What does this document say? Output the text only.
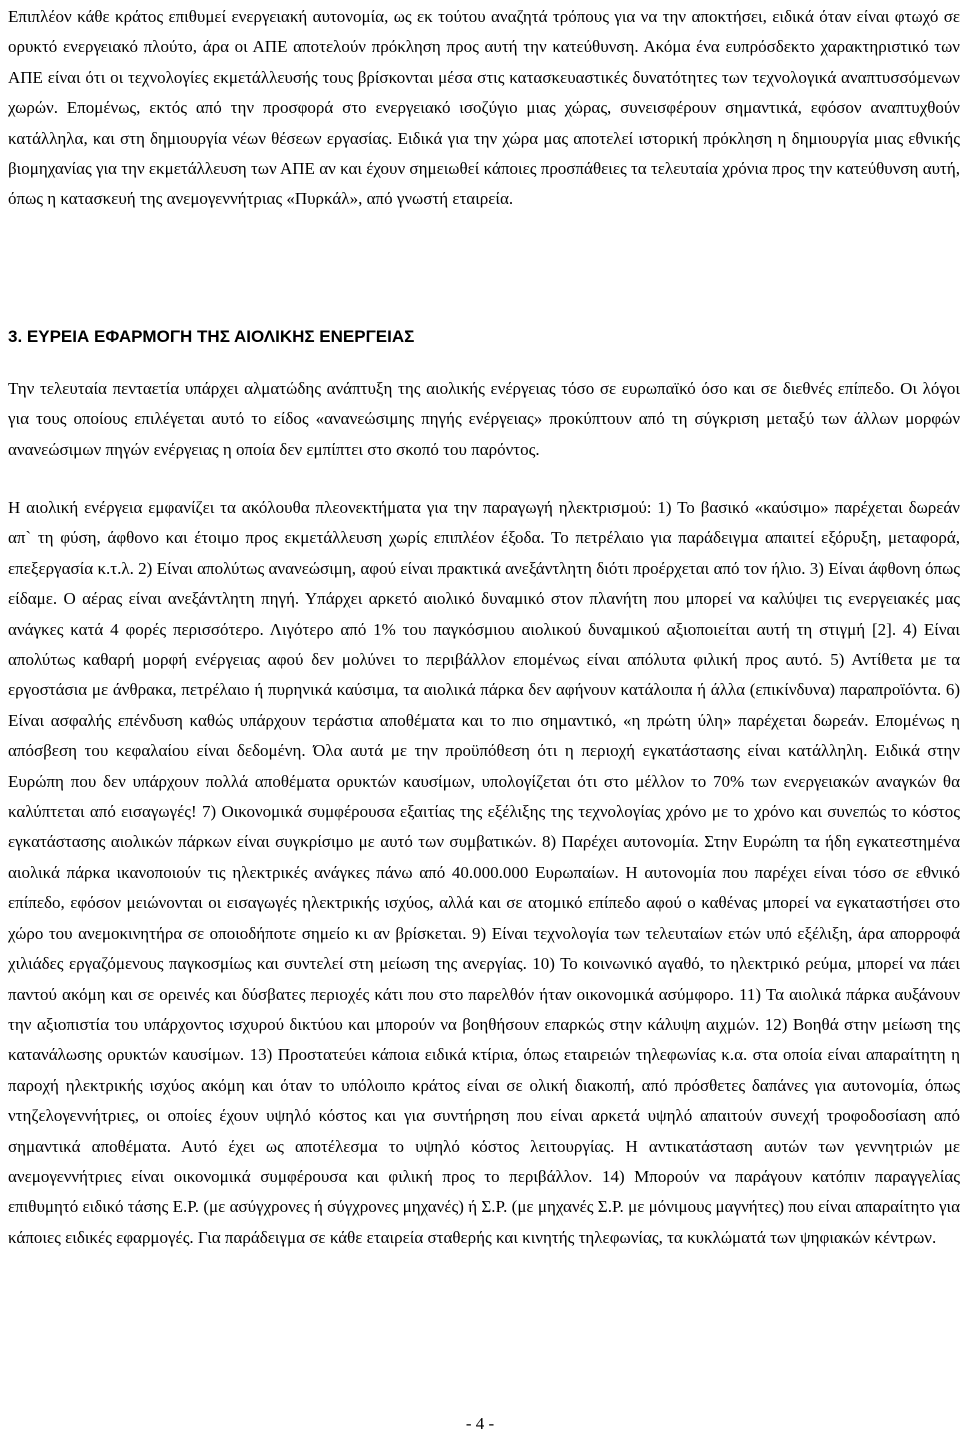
Επιπλέον κάθε κράτος επιθυμεί ενεργειακή αυτονομία, ως εκ τούτου αναζητά τρόπους για να την αποκτήσει, ειδικά όταν είναι φτωχό σε ορυκτό ενεργειακό πλούτο, άρα οι ΑΠΕ αποτελούν πρόκληση προς αυτή την κατεύθυνση. Ακόμα ένα ευπρόσδεκτο χαρακτηριστικό των ΑΠΕ είναι ότι οι τεχνολογίες εκμετάλλευσής τους βρίσκονται μέσα στις κατασκευαστικές δυνατότητες των τεχνολογικά αναπτυσσόμενων χωρών. Επομένως, εκτός από την προσφορά στο ενεργειακό ισοζύγιο μιας χώρας, συνεισφέρουν σημαντικά, εφόσον αναπτυχθούν κατάλληλα, και στη δημιουργία νέων θέσεων εργασίας. Ειδικά για την χώρα μας αποτελεί ιστορική πρόκληση η δημιουργία μιας εθνικής βιομηχανίας για την εκμετάλλευση των ΑΠΕ αν και έχουν σημειωθεί κάποιες προσπάθειες τα τελευταία χρόνια προς την κατεύθυνση αυτή, όπως η κατασκευή της ανεμογεννήτριας «Πυρκάλ», από γνωστή εταιρεία.

3. ΕΥΡΕΙΑ ΕΦΑΡΜΟΓΗ ΤΗΣ ΑΙΟΛΙΚΗΣ ΕΝΕΡΓΕΙΑΣ

Την τελευταία πενταετία υπάρχει αλματώδης ανάπτυξη της αιολικής ενέργειας τόσο σε ευρωπαϊκό όσο και σε διεθνές επίπεδο. Οι λόγοι για τους οποίους επιλέγεται αυτό το είδος «ανανεώσιμης πηγής ενέργειας» προκύπτουν από τη σύγκριση μεταξύ των άλλων μορφών ανανεώσιμων πηγών ενέργειας η οποία δεν εμπίπτει στο σκοπό του παρόντος.

Η αιολική ενέργεια εμφανίζει τα ακόλουθα πλεονεκτήματα για την παραγωγή ηλεκτρισμού: 1) Το βασικό «καύσιμο» παρέχεται δωρεάν απ` τη φύση, άφθονο και έτοιμο προς εκμετάλλευση χωρίς επιπλέον έξοδα. Το πετρέλαιο για παράδειγμα απαιτεί εξόρυξη, μεταφορά, επεξεργασία κ.τ.λ. 2) Είναι απολύτως ανανεώσιμη, αφού είναι πρακτικά ανεξάντλητη διότι προέρχεται από τον ήλιο. 3) Είναι άφθονη όπως είδαμε. Ο αέρας είναι ανεξάντλητη πηγή. Υπάρχει αρκετό αιολικό δυναμικό στον πλανήτη που μπορεί να καλύψει τις ενεργειακές μας ανάγκες κατά 4 φορές περισσότερο. Λιγότερο από 1% του παγκόσμιου αιολικού δυναμικού αξιοποιείται αυτή τη στιγμή [2]. 4) Είναι απολύτως καθαρή μορφή ενέργειας αφού δεν μολύνει το περιβάλλον επομένως είναι απόλυτα φιλική προς αυτό. 5) Αντίθετα με τα εργοστάσια με άνθρακα, πετρέλαιο ή πυρηνικά καύσιμα, τα αιολικά πάρκα δεν αφήνουν κατάλοιπα ή άλλα (επικίνδυνα) παραπροϊόντα. 6) Είναι ασφαλής επένδυση καθώς υπάρχουν τεράστια αποθέματα και το πιο σημαντικό, «η πρώτη ύλη» παρέχεται δωρεάν. Επομένως η απόσβεση του κεφαλαίου είναι δεδομένη. Όλα αυτά με την προϋπόθεση ότι η περιοχή εγκατάστασης είναι κατάλληλη. Ειδικά στην Ευρώπη που δεν υπάρχουν πολλά αποθέματα ορυκτών καυσίμων, υπολογίζεται ότι στο μέλλον το 70% των ενεργειακών αναγκών θα καλύπτεται από εισαγωγές! 7) Οικονομικά συμφέρουσα εξαιτίας της εξέλιξης της τεχνολογίας χρόνο με το χρόνο και συνεπώς το κόστος εγκατάστασης αιολικών πάρκων είναι συγκρίσιμο με αυτό των συμβατικών. 8) Παρέχει αυτονομία. Στην Ευρώπη τα ήδη εγκατεστημένα αιολικά πάρκα ικανοποιούν τις ηλεκτρικές ανάγκες πάνω από 40.000.000 Ευρωπαίων. Η αυτονομία που παρέχει είναι τόσο σε εθνικό επίπεδο, εφόσον μειώνονται οι εισαγωγές ηλεκτρικής ισχύος, αλλά και σε ατομικό επίπεδο αφού ο καθένας μπορεί να εγκαταστήσει στο χώρο του ανεμοκινητήρα σε οποιοδήποτε σημείο κι αν βρίσκεται. 9) Είναι τεχνολογία των τελευταίων ετών υπό εξέλιξη, άρα απορροφά χιλιάδες εργαζόμενους παγκοσμίως και συντελεί στη μείωση της ανεργίας. 10) Το κοινωνικό αγαθό, το ηλεκτρικό ρεύμα, μπορεί να πάει παντού ακόμη και σε ορεινές και δύσβατες περιοχές κάτι που στο παρελθόν ήταν οικονομικά ασύμφορο. 11) Τα αιολικά πάρκα αυξάνουν την αξιοπιστία του υπάρχοντος ισχυρού δικτύου και μπορούν να βοηθήσουν επαρκώς στην κάλυψη αιχμών. 12) Βοηθά στην μείωση της κατανάλωσης ορυκτών καυσίμων. 13) Προστατεύει κάποια ειδικά κτίρια, όπως εταιρειών τηλεφωνίας κ.α. στα οποία είναι απαραίτητη η παροχή ηλεκτρικής ισχύος ακόμη και όταν το υπόλοιπο κράτος είναι σε ολική διακοπή, από πρόσθετες δαπάνες για αυτονομία, όπως ντηζελογεννήτριες, οι οποίες έχουν υψηλό κόστος και για συντήρηση που είναι αρκετά υψηλό απαιτούν συνεχή τροφοδοσίαση από σημαντικά αποθέματα. Αυτό έχει ως αποτέλεσμα το υψηλό κόστος λειτουργίας. Η αντικατάσταση αυτών των γεννητριών με ανεμογεννήτριες είναι οικονομικά συμφέρουσα και φιλική προς το περιβάλλον. 14) Μπορούν να παράγουν κατόπιν παραγγελίας επιθυμητό ειδικό τάσης Ε.Ρ. (με ασύγχρονες ή σύγχρονες μηχανές) ή Σ.Ρ. (με μηχανές Σ.Ρ. με μόνιμους μαγνήτες) που είναι απαραίτητο για κάποιες ειδικές εφαρμογές. Για παράδειγμα σε κάθε εταιρεία σταθερής και κινητής τηλεφωνίας, τα κυκλώματά των ψηφιακών κέντρων.

- 4 -
